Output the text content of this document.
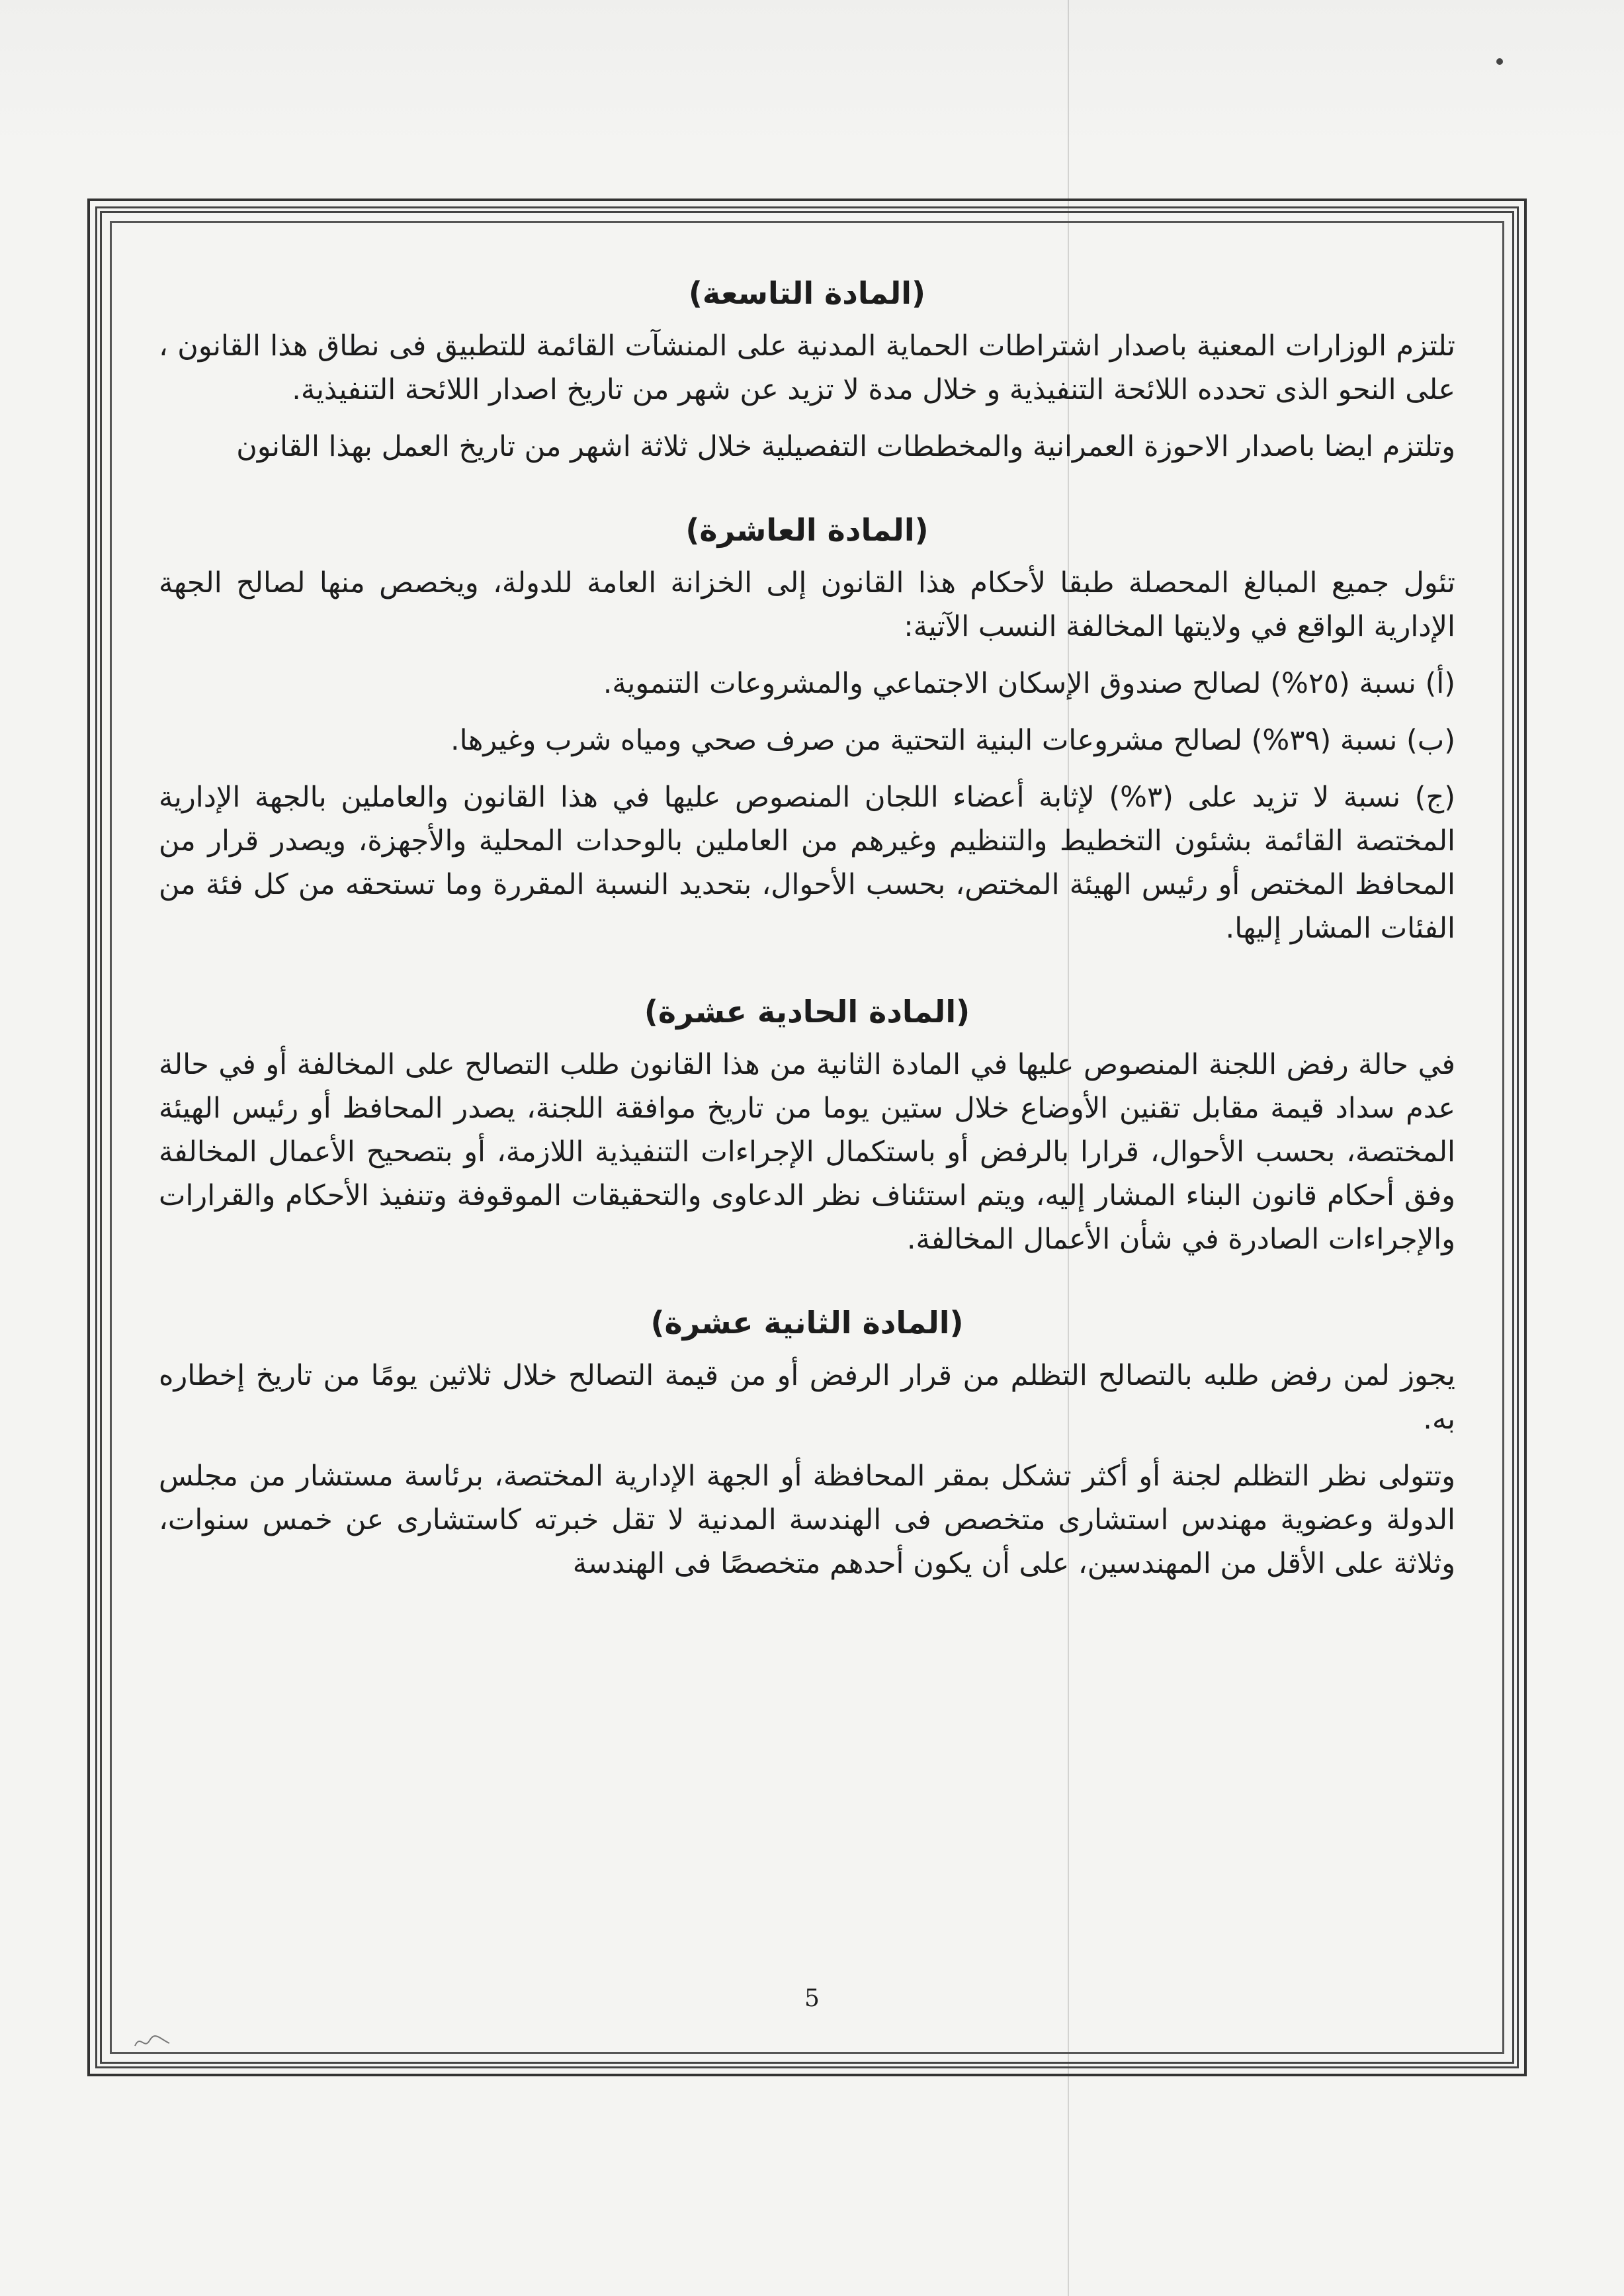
(المادة التاسعة)

تلتزم الوزارات المعنية باصدار اشتراطات الحماية المدنية على المنشآت القائمة للتطبيق فى نطاق هذا القانون ، على النحو الذى تحدده اللائحة التنفيذية و خلال مدة لا تزيد عن شهر من تاريخ اصدار اللائحة التنفيذية.

وتلتزم ايضا باصدار الاحوزة العمرانية والمخططات التفصيلية خلال ثلاثة اشهر من تاريخ العمل بهذا القانون

(المادة العاشرة)

تئول جميع المبالغ المحصلة طبقا لأحكام هذا القانون إلى الخزانة العامة للدولة، ويخصص منها لصالح الجهة الإدارية الواقع في ولايتها المخالفة النسب الآتية:

(أ) نسبة (٢٥%) لصالح صندوق الإسكان الاجتماعي والمشروعات التنموية.

(ب) نسبة (٣٩%) لصالح مشروعات البنية التحتية من صرف صحي ومياه شرب وغيرها.

(ج) نسبة لا تزيد على (٣%) لإثابة أعضاء اللجان المنصوص عليها في هذا القانون والعاملين بالجهة الإدارية المختصة القائمة بشئون التخطيط والتنظيم وغيرهم من العاملين بالوحدات المحلية والأجهزة، ويصدر قرار من المحافظ المختص أو رئيس الهيئة المختص، بحسب الأحوال، بتحديد النسبة المقررة وما تستحقه من كل فئة من الفئات المشار إليها.

(المادة الحادية عشرة)

في حالة رفض اللجنة المنصوص عليها في المادة الثانية من هذا القانون طلب التصالح على المخالفة أو في حالة عدم سداد قيمة مقابل تقنين الأوضاع خلال ستين يوما من تاريخ موافقة اللجنة، يصدر المحافظ أو رئيس الهيئة المختصة، بحسب الأحوال، قرارا بالرفض أو باستكمال الإجراءات التنفيذية اللازمة، أو بتصحيح الأعمال المخالفة وفق أحكام قانون البناء المشار إليه، ويتم استئناف نظر الدعاوى والتحقيقات الموقوفة وتنفيذ الأحكام والقرارات والإجراءات الصادرة في شأن الأعمال المخالفة.

(المادة الثانية عشرة)

يجوز لمن رفض طلبه بالتصالح التظلم من قرار الرفض أو من قيمة التصالح خلال ثلاثين يومًا من تاريخ إخطاره به.

وتتولى نظر التظلم لجنة أو أكثر تشكل بمقر المحافظة أو الجهة الإدارية المختصة، برئاسة مستشار من مجلس الدولة وعضوية مهندس استشارى متخصص فى الهندسة المدنية لا تقل خبرته كاستشارى عن خمس سنوات، وثلاثة على الأقل من المهندسين، على أن يكون أحدهم متخصصًا فى الهندسة

5
